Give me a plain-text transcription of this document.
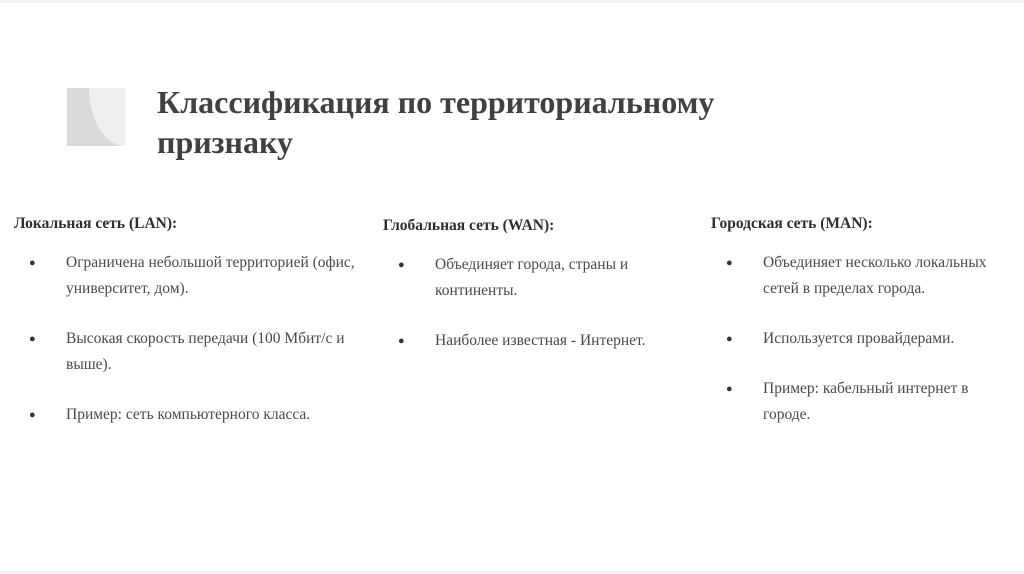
Классификация по территориальному
признаку
Локальная сеть (LAN):
● Ограничена небольшой территорией (офис, университет, дом).
● Высокая скорость передачи (100 Мбит/с и выше).
● Пример: сеть компьютерного класса.
Глобальная сеть (WAN):
● Объединяет города, страны и континенты.
● Наиболее известная - Интернет.
Городская сеть (MAN):
● Объединяет несколько локальных сетей в пределах города.
● Используется провайдерами.
● Пример: кабельный интернет в городе.
